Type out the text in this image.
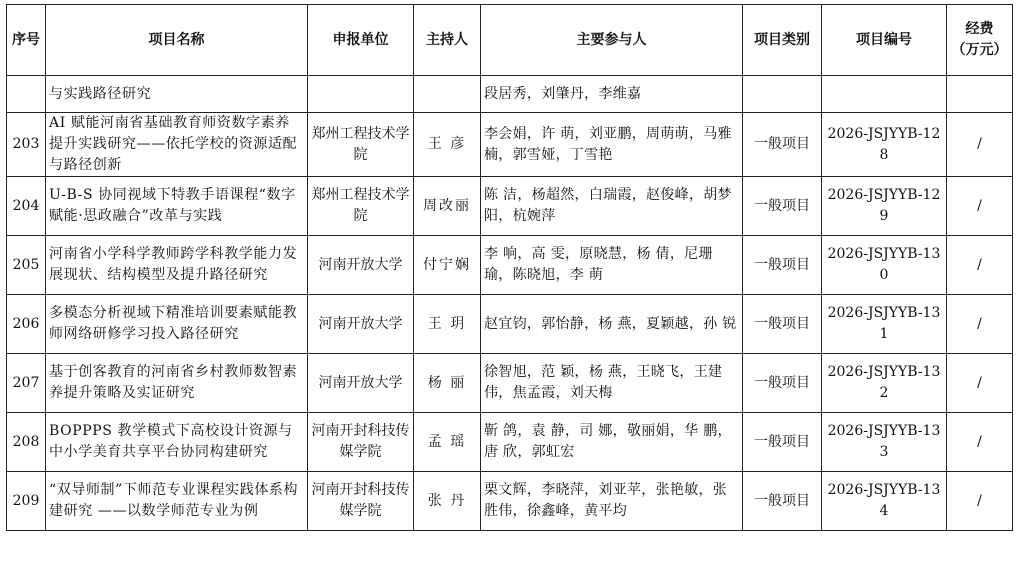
序号	项目名称	申报单位	主持人	主要参与人	项目类别	项目编号	经费
（万元）

	与实践路径研究			段居秀，刘肇丹，李维嘉			
203	AI 赋能河南省基础教育师资数字素养提升实践研究——依托学校的资源适配与路径创新	郑州工程技术学院	王 彦	李会娟，许 萌，刘亚鹏，周萌萌，马雅楠，郭雪娅，丁雪艳	一般项目	2026-JSJYYB-128	/
204	U-B-S 协同视域下特教手语课程“数字赋能·思政融合”改革与实践	郑州工程技术学院	周改丽	陈 洁，杨超然，白瑞霞，赵俊峰，胡梦阳，杭婉萍	一般项目	2026-JSJYYB-129	/
205	河南省小学科学教师跨学科教学能力发展现状、结构模型及提升路径研究	河南开放大学	付宁娴	李 响，高 雯，原晓慧，杨 倩，尼珊瑜，陈晓旭，李 萌	一般项目	2026-JSJYYB-130	/
206	多模态分析视域下精准培训要素赋能教师网络研修学习投入路径研究	河南开放大学	王 玥	赵宜钧，郭怡静，杨 燕，夏颖越，孙 锐	一般项目	2026-JSJYYB-131	/
207	基于创客教育的河南省乡村教师数智素养提升策略及实证研究	河南开放大学	杨 丽	徐智旭，范 颖，杨 燕，王晓飞，王建伟，焦孟霞，刘天梅	一般项目	2026-JSJYYB-132	/
208	BOPPPS 教学模式下高校设计资源与中小学美育共享平台协同构建研究	河南开封科技传媒学院	孟 瑶	靳 鸽，袁 静，司 娜，敬丽娟，华 鹏，唐 欣，郭虹宏	一般项目	2026-JSJYYB-133	/
209	“双导师制”下师范专业课程实践体系构建研究 ——以数学师范专业为例	河南开封科技传媒学院	张 丹	栗文辉，李晓萍，刘亚苹，张艳敏，张胜伟，徐鑫峰，黄平均	一般项目	2026-JSJYYB-134	/
